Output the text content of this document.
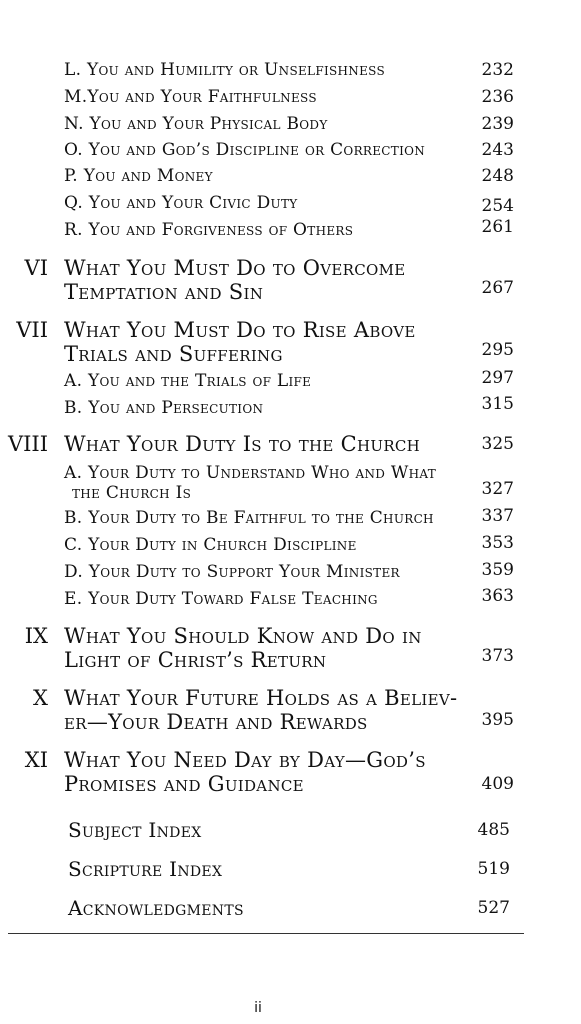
L. You and Humility or Unselfishness	232
M.You and Your Faithfulness	236
N. You and Your Physical Body	239
O. You and God’s Discipline or Correction	243
P. You and Money	248
Q. You and Your Civic Duty	254
R. You and Forgiveness of Others	261
VI What You Must Do to Overcome
Temptation and Sin	267
VII What You Must Do to Rise Above
Trials and Suffering	295
A. You and the Trials of Life	297
B. You and Persecution	315
VIII What Your Duty Is to the Church	325
A. Your Duty to Understand Who and What
the Church Is	327
B. Your Duty to Be Faithful to the Church	337
C. Your Duty in Church Discipline	353
D. Your Duty to Support Your Minister	359
E. Your Duty Toward False Teaching	363
IX What You Should Know and Do in
Light of Christ’s Return	373
X What Your Future Holds as a Believ-
er—Your Death and Rewards	395
XI What You Need Day by Day—God’s
Promises and Guidance	409
Subject Index	485
Scripture Index	519
Acknowledgments	527
ii
